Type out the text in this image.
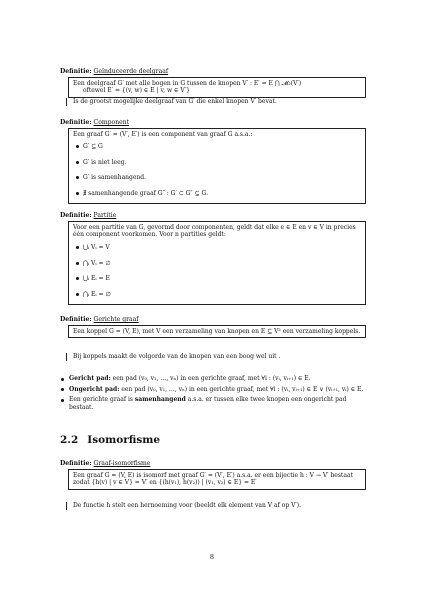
Definitie: Geïnduceerde deelgraaf

Een deelgraaf G′ met alle bogen in G tussen de knopen V′ : E′ = E ⋂ 𝓜₂(V′)

oftewel E′ = {(v, w) ∈ E | v, w ∈ V′}

Is de grootst mogelijke deelgraaf van G′ die enkel knopen V′ bevat.
Definitie: Component

Een graaf G′ = (V′, E′) is een component van graaf G a.s.a.:

G′ ⊆ G
G′ is niet leeg.
G′ is samenhangend.
∄ samenhangende graaf G″ : G′ ⊂ G″ ⊆ G.
Definitie: Partitie

Voor een partitie van G, gevormd door componenten, geldt dat elke e ∈ E en v ∈ V in precies één component voorkomen. Voor n partities geldt:

⋃ᵢ Vᵢ = V
⋂ᵢ Vᵢ = ∅
⋃ᵢ Eᵢ = E
⋂ᵢ Eᵢ = ∅
Definitie: Gerichte graaf

Een koppel G = (V, E), met V een verzameling van knopen en E ⊆ V² een verzameling koppels.

Bij koppels maakt de volgorde van de knopen van een boog wel uit .
Gericht pad: een pad (v₀, v₁, …, vₙ) in een gerichte graaf, met ∀i : (vᵢ, vᵢ₊₁) ∈ E.
Ongericht pad: een pad (v₀, v₁, …, vₙ) in een gerichte graaf, met ∀i : (vᵢ, vᵢ₊₁) ∈ E ∨ (vᵢ₊₁, vᵢ) ∈ E.
Een gerichte graaf is samenhangend a.s.a. er tussen elke twee knopen een ongericht pad bestaat.
2.2 Isomorfisme
Definitie: Graaf-isomorfisme

Een graaf G = (V, E) is isomorf met graaf G′ = (V′, E′) a.s.a. er een bijectie h : V → V′ bestaat zodat {h(v) | v ∈ V} = V′ en {(h(v₁), h(v₂)) | (v₁, v₂) ∈ E} = E′

De functie h stelt een hernoeming voor (beeldt elk element van V af op V′).
8
